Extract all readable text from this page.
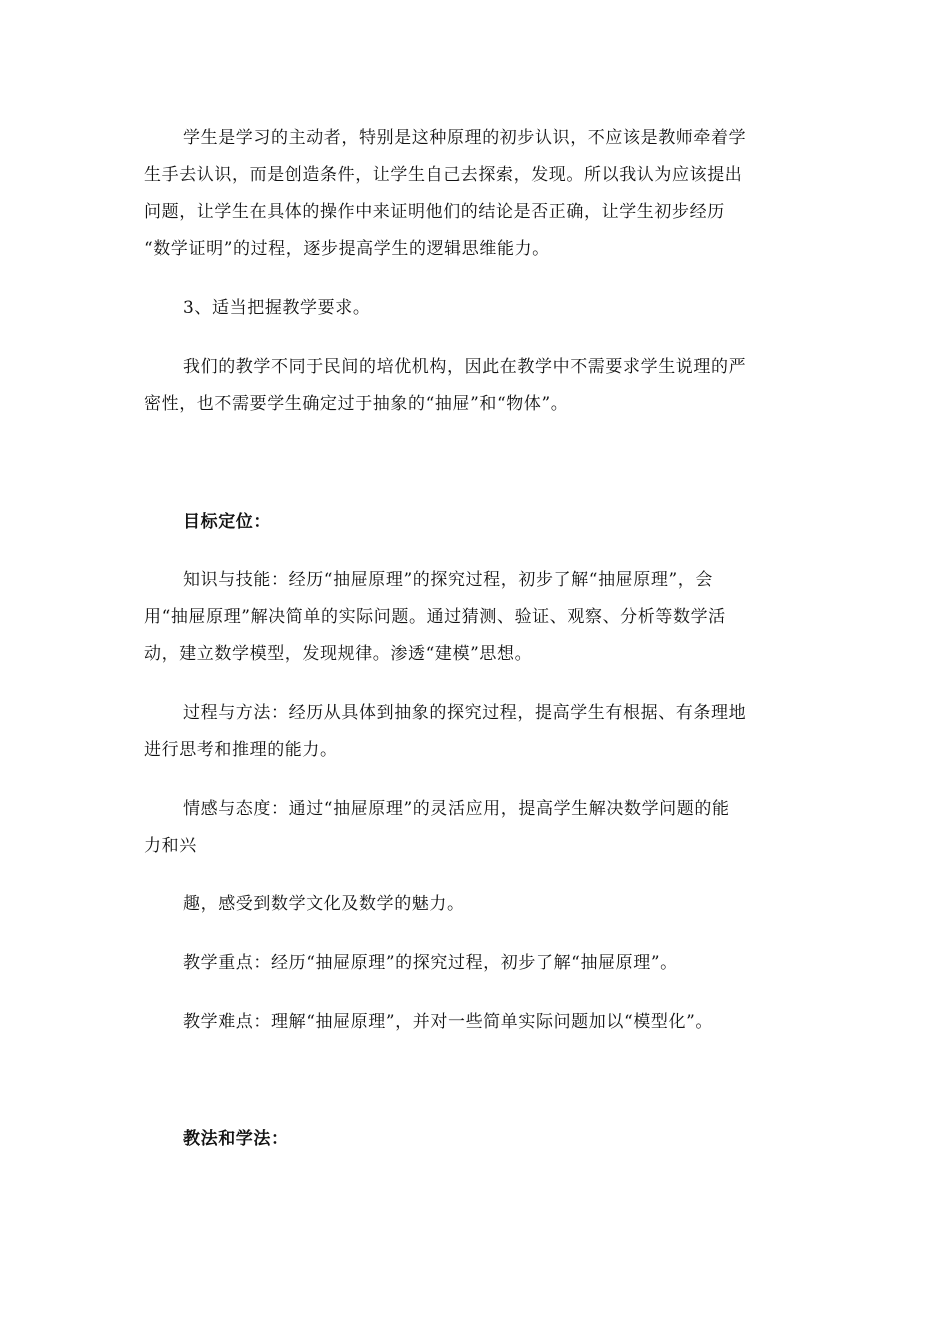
学生是学习的主动者，特别是这种原理的初步认识，不应该是教师牵着学
生手去认识，而是创造条件，让学生自己去探索，发现。所以我认为应该提出
问题，让学生在具体的操作中来证明他们的结论是否正确，让学生初步经历
“数学证明”的过程，逐步提高学生的逻辑思维能力。
3、适当把握教学要求。
我们的教学不同于民间的培优机构，因此在教学中不需要求学生说理的严
密性，也不需要学生确定过于抽象的“抽屉”和“物体”。
目标定位：
知识与技能：经历“抽屉原理”的探究过程，初步了解“抽屉原理”，会
用“抽屉原理”解决简单的实际问题。通过猜测、验证、观察、分析等数学活
动，建立数学模型，发现规律。渗透“建模”思想。
过程与方法：经历从具体到抽象的探究过程，提高学生有根据、有条理地
进行思考和推理的能力。
情感与态度：通过“抽屉原理”的灵活应用，提高学生解决数学问题的能
力和兴
趣，感受到数学文化及数学的魅力。
教学重点：经历“抽屉原理”的探究过程，初步了解“抽屉原理”。
教学难点：理解“抽屉原理”，并对一些简单实际问题加以“模型化”。
教法和学法：
